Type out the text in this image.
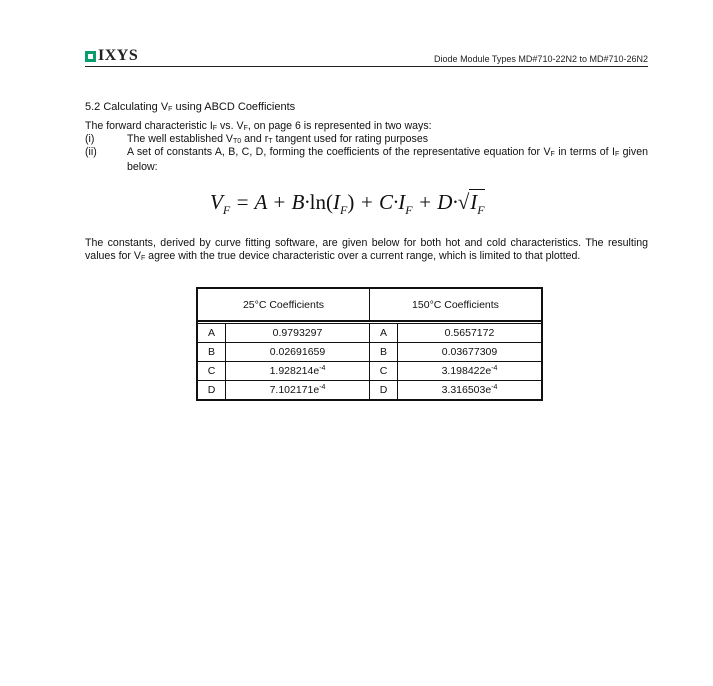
IXYS	Diode Module Types MD#710-22N2 to MD#710-26N2
5.2 Calculating $V_F$ using ABCD Coefficients
The forward characteristic $I_F$ vs. $V_F$, on page 6 is represented in two ways:
(i)	The well established $V_{T0}$ and $r_T$ tangent used for rating purposes
(ii)	A set of constants A, B, C, D, forming the coefficients of the representative equation for $V_F$ in terms of $I_F$ given below:
$V_F = A + B\cdot\ln(I_F) + C\cdot I_F + D\cdot√I_F$
The constants, derived by curve fitting software, are given below for both hot and cold characteristics. The resulting values for $V_F$ agree with the true device characteristic over a current range, which is limited to that plotted.
25°C Coefficients		150°C Coefficients	

A	0.9793297	A	0.5657172
B	0.02691659	B	0.03677309
C	$1.928214e^{-4}$	C	$3.198422e^{-4}$
D	$7.102171e^{-4}$	D	$3.316503e^{-4}$
